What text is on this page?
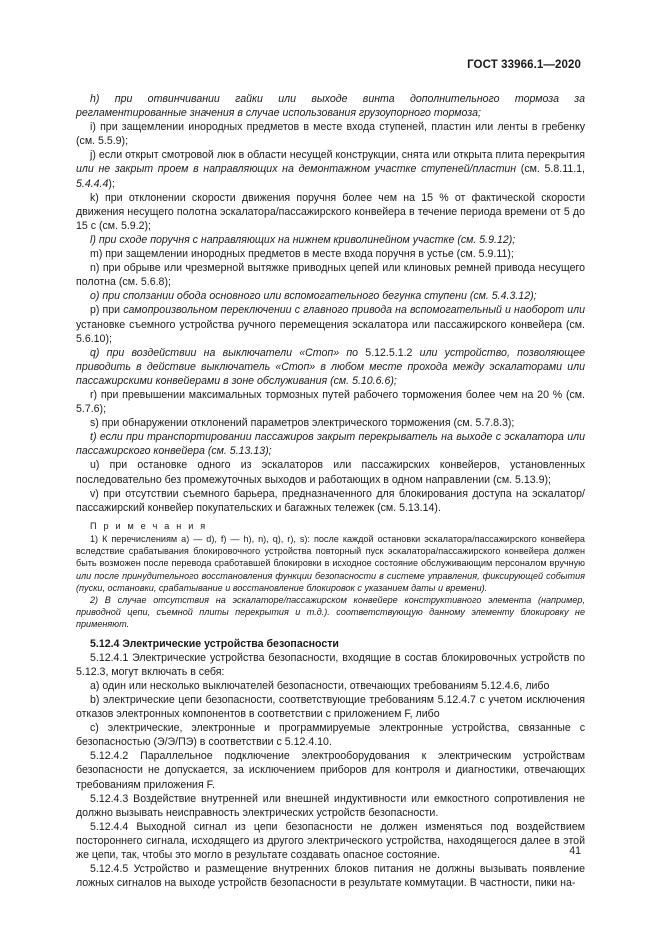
ГОСТ 33966.1—2020

h) при отвинчивании гайки или выходе винта дополнительного тормоза за регламентированные значения в случае использования грузоупорного тормоза;

i) при защемлении инородных предметов в месте входа ступеней, пластин или ленты в гребенку (см. 5.5.9);

j) если открыт смотровой люк в области несущей конструкции, снята или открыта плита перекрытия или не закрыт проем в направляющих на демонтажном участке ступеней/пластин (см. 5.8.11.1, 5.4.4.4);

k) при отклонении скорости движения поручня более чем на 15 % от фактической скорости движения несущего полотна эскалатора/пассажирского конвейера в течение периода времени от 5 до 15 с (см. 5.9.2);

l) при сходе поручня с направляющих на нижнем криволинейном участке (см. 5.9.12);

m) при защемлении инородных предметов в месте входа поручня в устье (см. 5.9.11);

n) при обрыве или чрезмерной вытяжке приводных цепей или клиновых ремней привода несущего полотна (см. 5.6.8);

o) при сползании обода основного или вспомогательного бегунка ступени (см. 5.4.3.12);

p) при самопроизвольном переключении с главного привода на вспомогательный и наоборот или установке съемного устройства ручного перемещения эскалатора или пассажирского конвейера (см. 5.6.10);

q) при воздействии на выключатели «Стоп» по 5.12.5.1.2 или устройство, позволяющее приводить в действие выключатель «Стоп» в любом месте прохода между эскалаторами или пассажирскими конвейерами в зоне обслуживания (см. 5.10.6.6);

r) при превышении максимальных тормозных путей рабочего торможения более чем на 20 % (см. 5.7.6);

s) при обнаружении отклонений параметров электрического торможения (см. 5.7.8.3);

t) если при транспортировании пассажиров закрыт перекрыватель на выходе с эскалатора или пассажирского конвейера (см. 5.13.13);

u) при остановке одного из эскалаторов или пассажирских конвейеров, установленных последовательно без промежуточных выходов и работающих в одном направлении (см. 5.13.9);

v) при отсутствии съемного барьера, предназначенного для блокирования доступа на эскалатор/пассажирский конвейер покупательских и багажных тележек (см. 5.13.14).

П р и м е ч а н и я

1) К перечислениям a) — d), f) — h), n), q), r), s): после каждой остановки эскалатора/пассажирского конвейера вследствие срабатывания блокировочного устройства повторный пуск эскалатора/пассажирского конвейера должен быть возможен после перевода сработавшей блокировки в исходное состояние обслуживающим персоналом вручную или после принудительного восстановления функции безопасности в системе управления, фиксирующей события (пуски, остановки, срабатывание и восстановление блокировок с указанием даты и времени).

2) В случае отсутствия на эскалаторе/пассажирском конвейере конструктивного элемента (например, приводной цепи, съемной плиты перекрытия и т.д.). соответствующую данному элементу блокировку не применяют.

5.12.4 Электрические устройства безопасности

5.12.4.1 Электрические устройства безопасности, входящие в состав блокировочных устройств по 5.12.3, могут включать в себя:

a) один или несколько выключателей безопасности, отвечающих требованиям 5.12.4.6, либо

b) электрические цепи безопасности, соответствующие требованиям 5.12.4.7 с учетом исключения отказов электронных компонентов в соответствии с приложением F, либо

c) электрические, электронные и программируемые электронные устройства, связанные с безопасностью (Э/Э/ПЭ) в соответствии с 5.12.4.10.

5.12.4.2 Параллельное подключение электрооборудования к электрическим устройствам безопасности не допускается, за исключением приборов для контроля и диагностики, отвечающих требованиям приложения F.

5.12.4.3 Воздействие внутренней или внешней индуктивности или емкостного сопротивления не должно вызывать неисправность электрических устройств безопасности.

5.12.4.4 Выходной сигнал из цепи безопасности не должен изменяться под воздействием постороннего сигнала, исходящего из другого электрического устройства, находящегося далее в этой же цепи, так, чтобы это могло в результате создавать опасное состояние.

5.12.4.5 Устройство и размещение внутренних блоков питания не должны вызывать появление ложных сигналов на выходе устройств безопасности в результате коммутации. В частности, пики на-

41
